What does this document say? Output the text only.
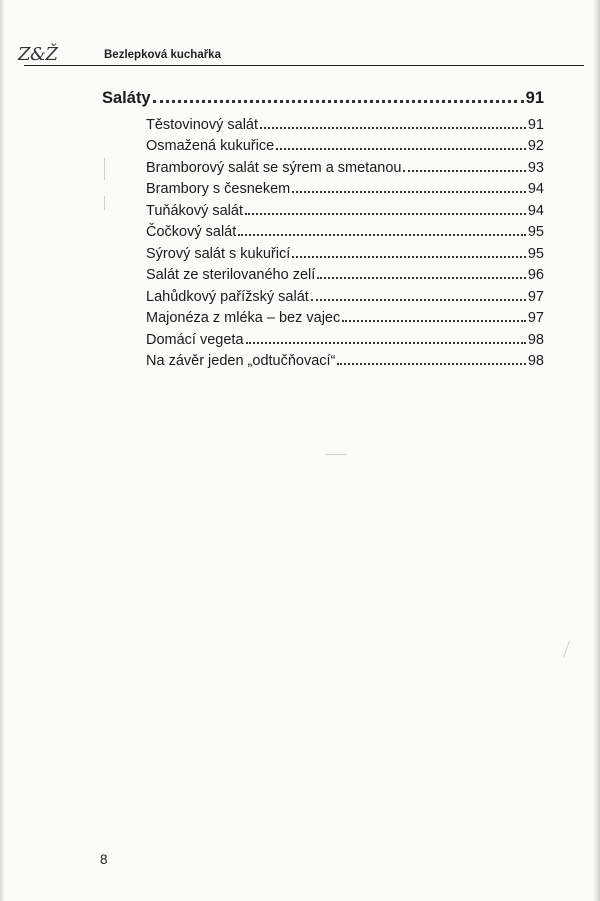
Z&Ž	Bezlepková kuchařka
Saláty	91
Těstovinový salát	91
Osmažená kukuřice	92
Bramborový salát se sýrem a smetanou	93
Brambory s česnekem	94
Tuňákový salát	94
Čočkový salát	95
Sýrový salát s kukuřicí	95
Salát ze sterilovaného zelí	96
Lahůdkový pařížský salát	97
Majonéza z mléka – bez vajec	97
Domácí vegeta	98
Na závěr jeden „odtučňovací“	98
8
